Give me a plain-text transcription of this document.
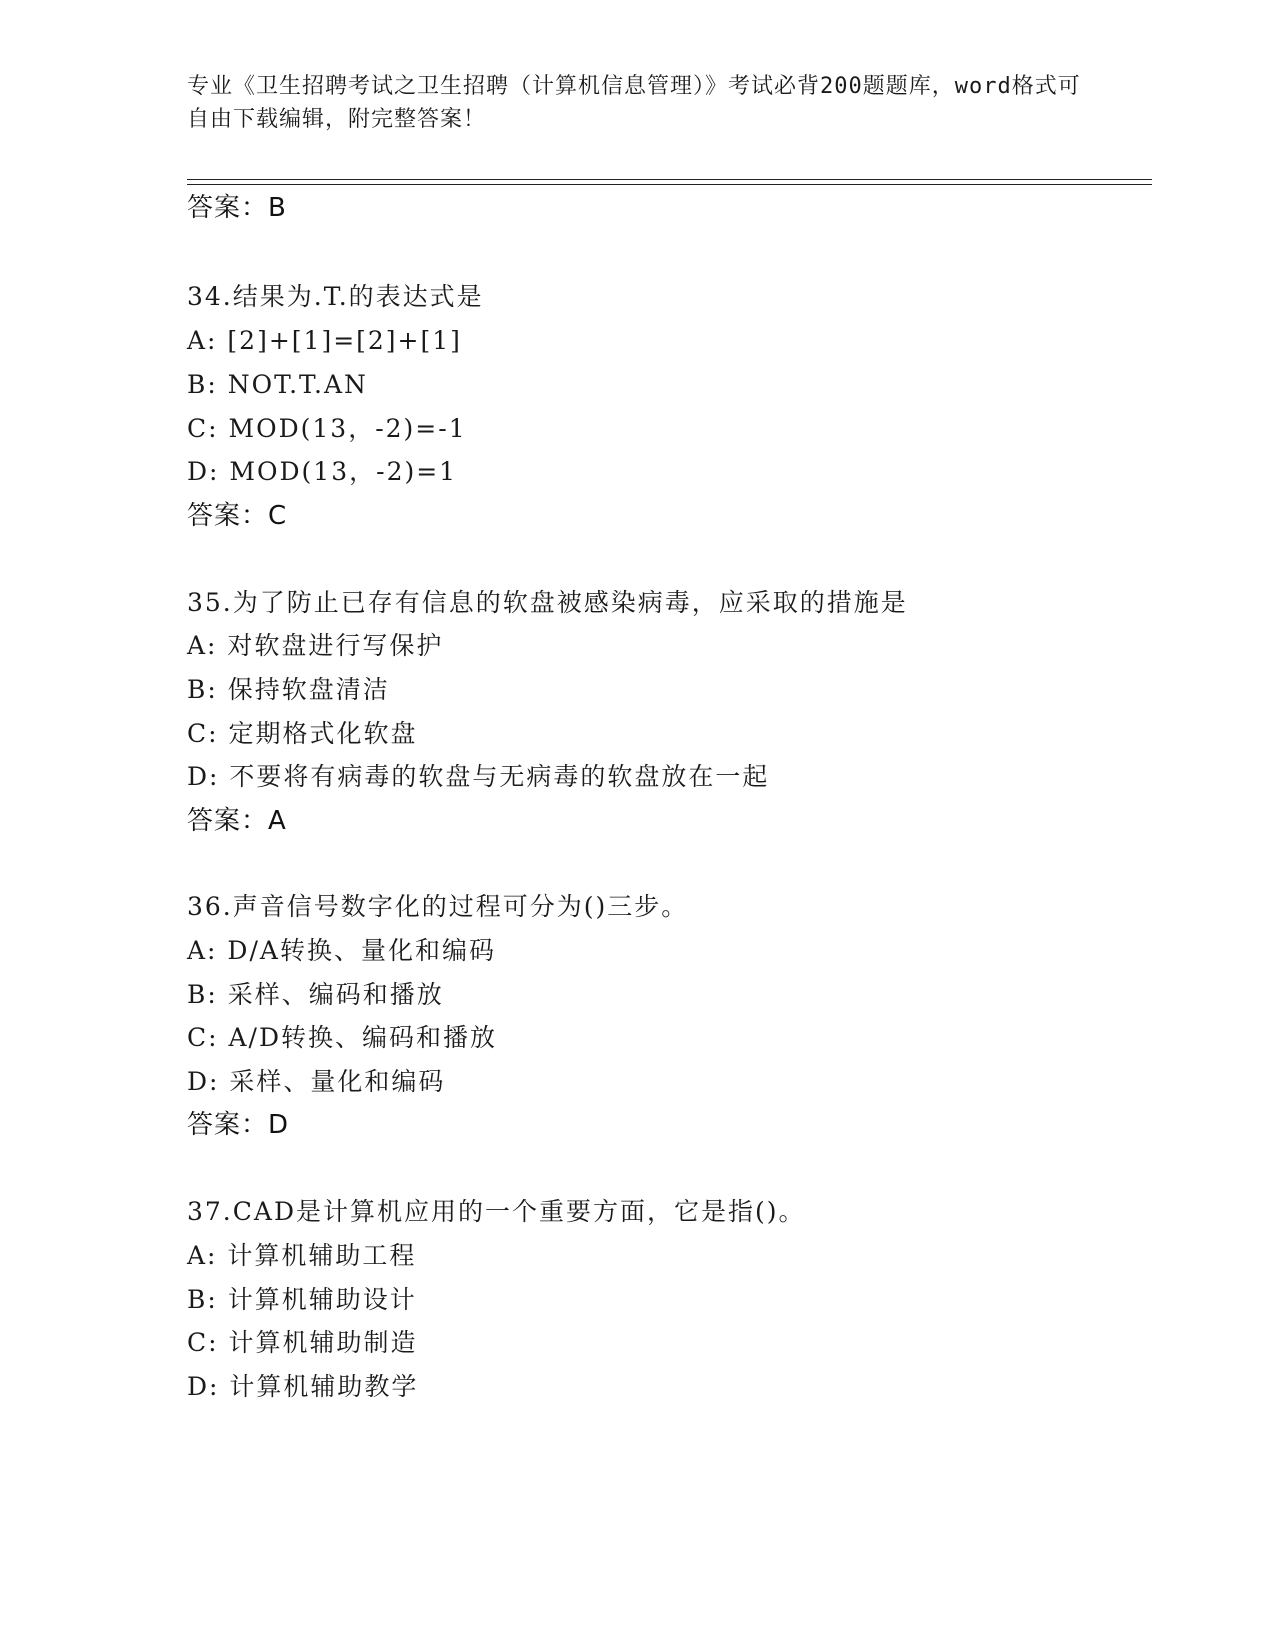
专业《卫生招聘考试之卫生招聘（计算机信息管理）》考试必背200题题库，word格式可自由下载编辑，附完整答案！
答案：B
34.结果为.T.的表达式是
A: [2]+[1]=[2]+[1]
B: NOT.T.AN
C: MOD(13，-2)=-1
D: MOD(13，-2)=1
答案：C
35.为了防止已存有信息的软盘被感染病毒，应采取的措施是
A: 对软盘进行写保护
B: 保持软盘清洁
C: 定期格式化软盘
D: 不要将有病毒的软盘与无病毒的软盘放在一起
答案：A
36.声音信号数字化的过程可分为()三步。
A: D/A转换、量化和编码
B: 采样、编码和播放
C: A/D转换、编码和播放
D: 采样、量化和编码
答案：D
37.CAD是计算机应用的一个重要方面，它是指()。
A: 计算机辅助工程
B: 计算机辅助设计
C: 计算机辅助制造
D: 计算机辅助教学
